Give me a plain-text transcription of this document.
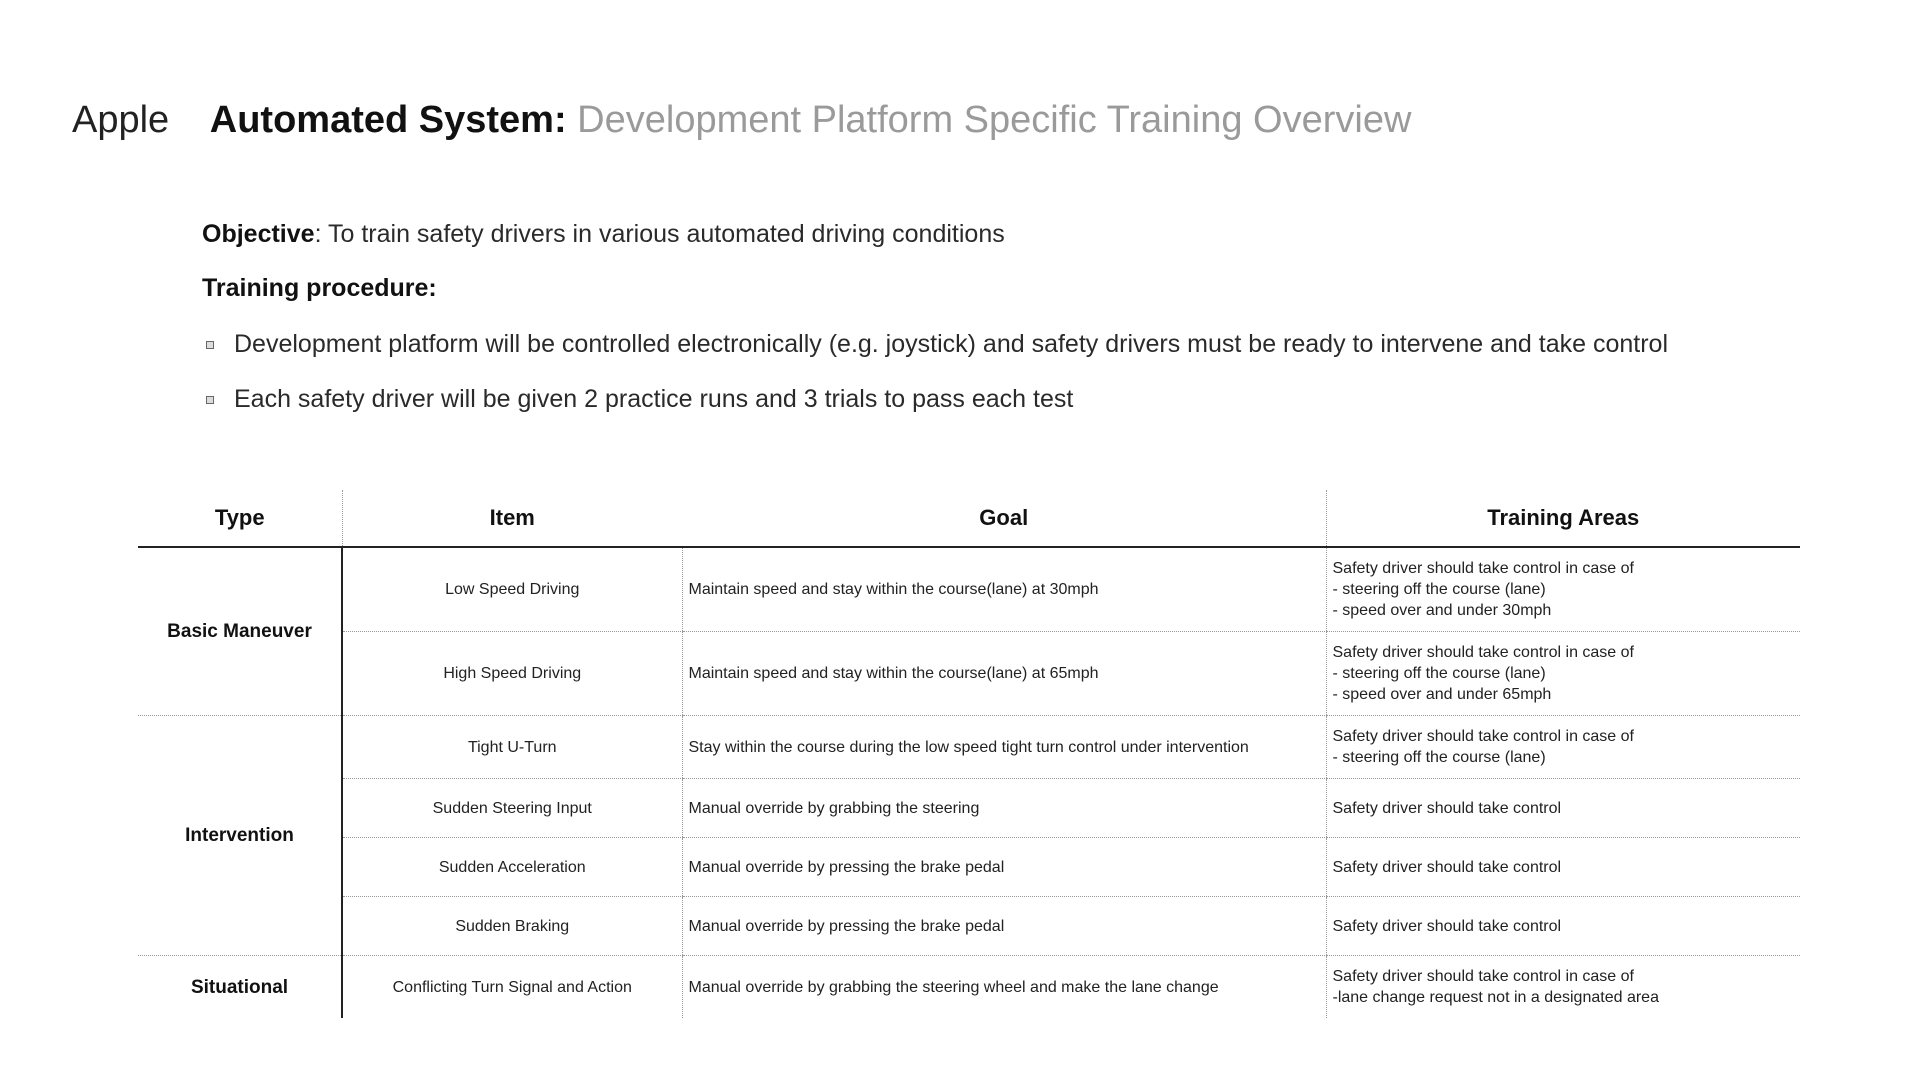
Apple Automated System: Development Platform Specific Training Overview
Objective: To train safety drivers in various automated driving conditions
Training procedure:
Development platform will be controlled electronically (e.g. joystick) and safety drivers must be ready to intervene and take control
Each safety driver will be given 2 practice runs and 3 trials to pass each test
Type	Item	Goal	Training Areas
Basic Maneuver	Low Speed Driving	Maintain speed and stay within the course(lane) at 30mph	Safety driver should take control in case of
- steering off the course (lane)
- speed over and under 30mph

	High Speed Driving	Maintain speed and stay within the course(lane) at 65mph	Safety driver should take control in case of
- steering off the course (lane)
- speed over and under 65mph

Intervention	Tight U-Turn	Stay within the course during the low speed tight turn control under intervention	Safety driver should take control in case of
- steering off the course (lane)

	Sudden Steering Input	Manual override by grabbing the steering	Safety driver should take control

	Sudden Acceleration	Manual override by pressing the brake pedal	Safety driver should take control

	Sudden Braking	Manual override by pressing the brake pedal	Safety driver should take control

Situational	Conflicting Turn Signal and Action	Manual override by grabbing the steering wheel and make the lane change	Safety driver should take control in case of
-lane change request not in a designated area
